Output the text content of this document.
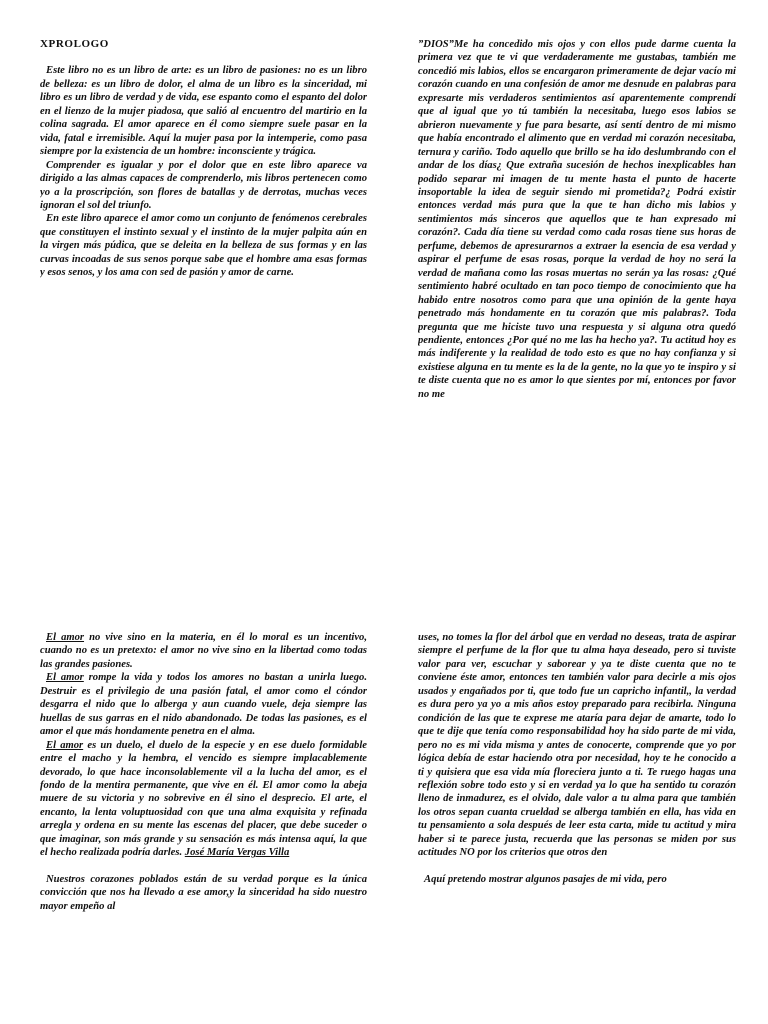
XPROLOGO

Este libro no es un libro de arte: es un libro de pasiones: no es un libro de belleza: es un libro de dolor, el alma de un libro es la sinceridad, mi libro es un libro de verdad y de vida, ese espanto como el espanto del dolor en el lienzo de la mujer piadosa, que salió al encuentro del martirio en la colina sagrada. El amor aparece en él como siempre suele pasar en la vida, fatal e irremisible. Aquí la mujer pasa por la intemperie, como pasa siempre por la existencia de un hombre: inconsciente y trágica.

Comprender es igualar y por el dolor que en este libro aparece va dirigido a las almas capaces de comprenderlo, mis libros pertenecen como yo a la proscripción, son flores de batallas y de derrotas, muchas veces ignoran el sol del triunfo.

En este libro aparece el amor como un conjunto de fenómenos cerebrales que constituyen el instinto sexual y el instinto de la mujer palpita aún en la virgen más púdica, que se deleita en la belleza de sus formas y en las curvas incoadas de sus senos porque sabe que el hombre ama esas formas y esos senos, y los ama con sed de pasión y amor de carne.

”DIOS”Me ha concedido mis ojos y con ellos pude darme cuenta la primera vez que te vi que verdaderamente me gustabas, también me concedió mis labios, ellos se encargaron primeramente de dejar vacío mi corazón cuando en una confesión de amor me desnude en palabras para expresarte mis verdaderos sentimientos así aparentemente comprendí que al igual que yo tú también la necesitaba, luego esos labios se abrieron nuevamente y fue para besarte, así sentí dentro de mi mismo que había encontrado el alimento que en verdad mi corazón necesitaba, ternura y cariño. Todo aquello que brillo se ha ido deslumbrando con el andar de los días¿ Que extraña sucesión de hechos inexplicables han podido separar mi imagen de tu mente hasta el punto de hacerte insoportable la idea de seguir siendo mi prometida?¿ Podrá existir entonces verdad más pura que la que te han dicho mis labios y sentimientos más sinceros que aquellos que te han expresado mi corazón?. Cada día tiene su verdad como cada rosas tiene sus horas de perfume, debemos de apresurarnos a extraer la esencia de esa verdad y aspirar el perfume de esas rosas, porque la verdad de hoy no será la verdad de mañana como las rosas muertas no serán ya las rosas: ¿Qué sentimiento habré ocultado en tan poco tiempo de conocimiento que ha habido entre nosotros como para que una opinión de la gente haya penetrado más hondamente en tu corazón que mis palabras?. Toda pregunta que me hiciste tuvo una respuesta y si alguna otra quedó pendiente, entonces ¿Por qué no me las ha hecho ya?. Tu actitud hoy es más indiferente y la realidad de todo esto es que no hay confianza y si existiese alguna en tu mente es la de la gente, no la que yo te inspiro y si te diste cuenta que no es amor lo que sientes por mí, entonces por favor no me

El amor no vive sino en la materia, en él lo moral es un incentivo, cuando no es un pretexto: el amor no vive sino en la libertad como todas las grandes pasiones.

El amor rompe la vida y todos los amores no bastan a unirla luego. Destruir es el privilegio de una pasión fatal, el amor como el cóndor desgarra el nido que lo alberga y aun cuando vuele, deja siempre las huellas de sus garras en el nido abandonado. De todas las pasiones, es el amor el que más hondamente penetra en el alma.

El amor es un duelo, el duelo de la especie y en ese duelo formidable entre el macho y la hembra, el vencido es siempre implacablemente devorado, lo que hace inconsolablemente vil a la lucha del amor, es el fondo de la mentira permanente, que vive en él. El amor como la abeja muere de su victoria y no sobrevive en él sino el desprecio. El arte, el encanto, la lenta voluptuosidad con que una alma exquisita y refinada arregla y ordena en su mente las escenas del placer, que debe suceder o que imaginar, son más grande y su sensación es más intensa aquí, la que el hecho realizada podría darles. José María Vergas Villa

Nuestros corazones poblados están de su verdad porque es la única convicción que nos ha llevado a ese amor,y la sinceridad ha sido nuestro mayor empeño al

uses, no tomes la flor del árbol que en verdad no deseas, trata de aspirar siempre el perfume de la flor que tu alma haya deseado, pero si tuviste valor para ver, escuchar y saborear y ya te diste cuenta que no te conviene éste amor, entonces ten también valor para decirle a mis ojos usados y engañados por ti, que todo fue un capricho infantil,, la verdad es dura pero ya yo a mis años estoy preparado para recibirla. Ninguna condición de las que te exprese me ataría para dejar de amarte, todo lo que te dije que tenía como responsabilidad hoy ha sido parte de mi vida, pero no es mi vida misma y antes de conocerte, comprende que yo por lógica debía de estar haciendo otra por necesidad, hoy te he conocido a ti y quisiera que esa vida mía floreciera junto a ti. Te ruego hagas una reflexión sobre todo esto y si en verdad ya lo que ha sentido tu corazón lleno de inmadurez, es el olvido, dale valor a tu alma para que también los otros sepan cuanta crueldad se alberga también en ella, has vida en tu pensamiento a sola después de leer esta carta, mide tu actitud y mira haber si te parece justa, recuerda que las personas se miden por sus actitudes NO por los criterios que otros den

Aquí pretendo mostrar algunos pasajes de mi vida, pero
